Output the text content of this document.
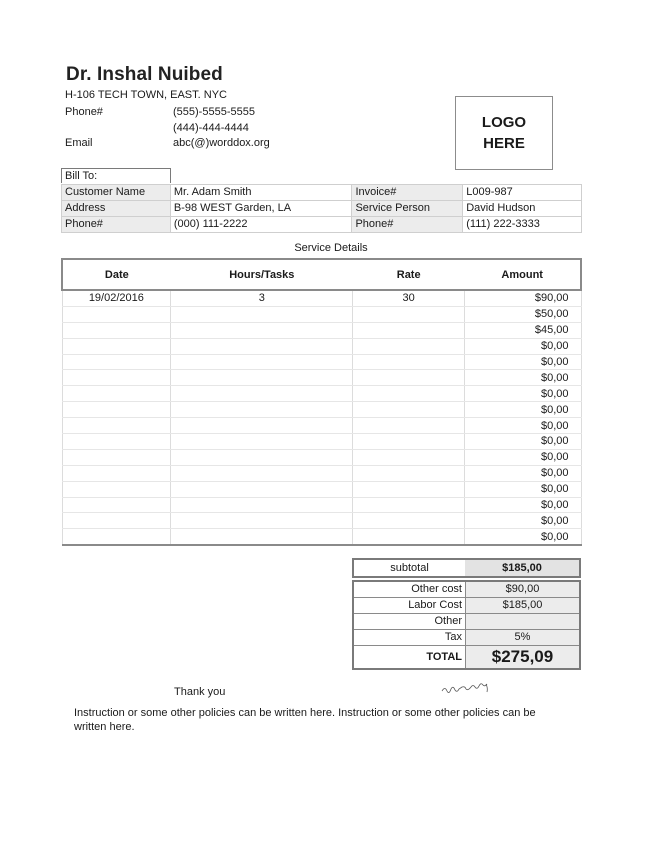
Dr. Inshal Nuibed
H-106 TECH TOWN, EAST. NYC
Phone#	(555)-5555-5555
(444)-444-4444
Email	abc(@)worddox.org
LOGO
HERE
Bill To:
Customer Name	Mr. Adam Smith	Invoice#	L009-987
Address	B-98 WEST Garden, LA	Service Person	David Hudson
Phone#	(000) 111-2222	Phone#	(111) 222-3333
Service Details
Date	Hours/Tasks	Rate	Amount
19/02/2016	3	30	$90,00
			$50,00
			$45,00
			$0,00
			$0,00
			$0,00
			$0,00
			$0,00
			$0,00
			$0,00
			$0,00
			$0,00
			$0,00
			$0,00
			$0,00
			$0,00
subtotal	$185,00
Other cost	$90,00
Labor Cost	$185,00
Other	
Tax	5%
TOTAL	$275,09
Thank you
Instruction or some other policies can be written here. Instruction or some other policies can be written here.
